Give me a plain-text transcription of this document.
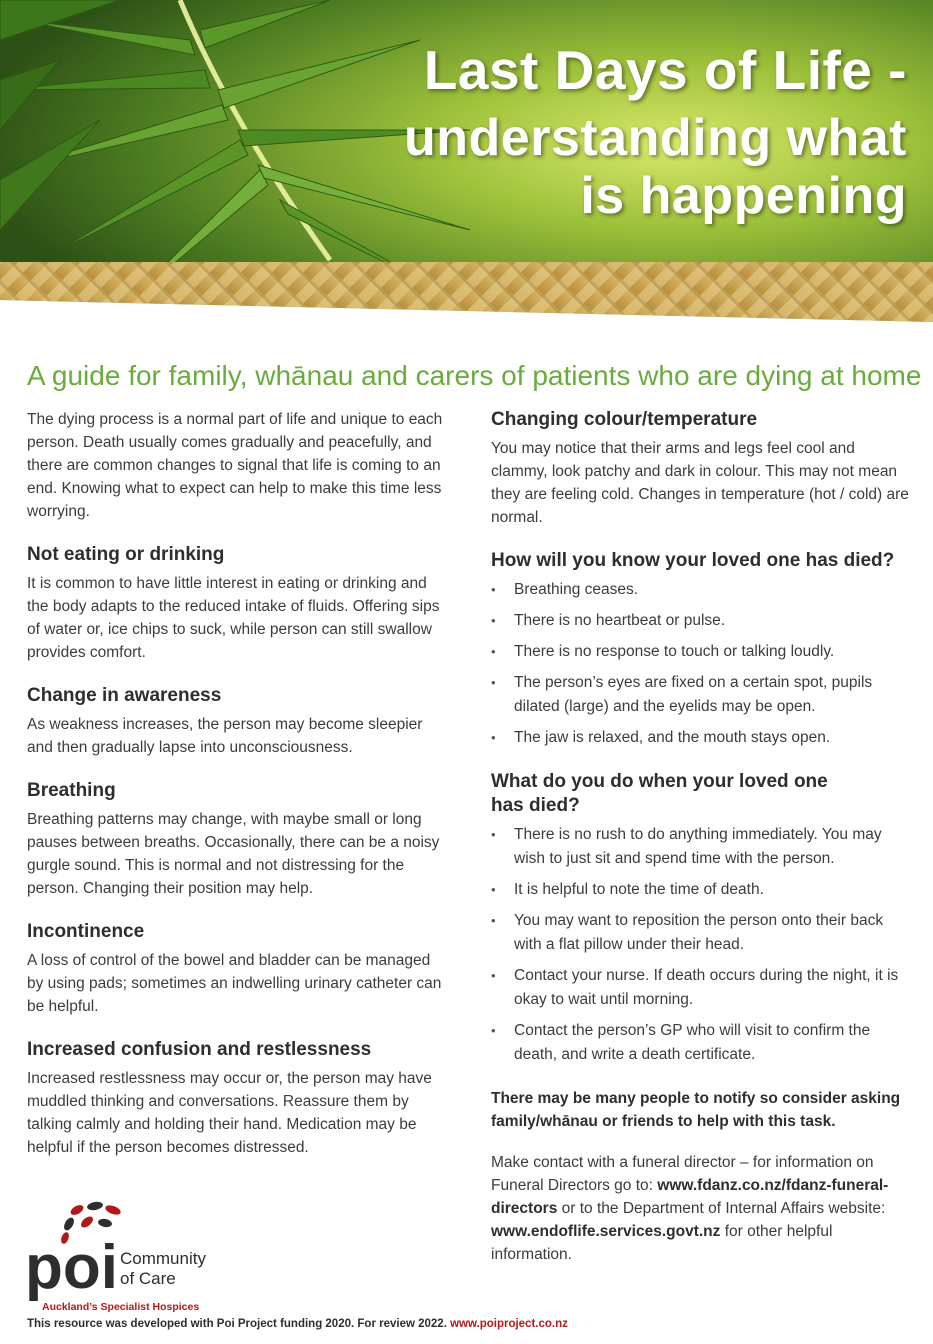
Last Days of Life -
understanding what
is happening
A guide for family, whānau and carers of patients who are dying at home

The dying process is a normal part of life and unique to each person. Death usually comes gradually and peacefully, and there are common changes to signal that life is coming to an end. Knowing what to expect can help to make this time less worrying.

Not eating or drinking

It is common to have little interest in eating or drinking and the body adapts to the reduced intake of fluids. Offering sips of water or, ice chips to suck, while person can still swallow provides comfort.

Change in awareness

As weakness increases, the person may become sleepier and then gradually lapse into unconsciousness.

Breathing

Breathing patterns may change, with maybe small or long pauses between breaths. Occasionally, there can be a noisy gurgle sound. This is normal and not distressing for the person. Changing their position may help.

Incontinence

A loss of control of the bowel and bladder can be managed by using pads; sometimes an indwelling urinary catheter can be helpful.

Increased confusion and restlessness

Increased restlessness may occur or, the person may have muddled thinking and conversations. Reassure them by talking calmly and holding their hand. Medication may be helpful if the person becomes distressed.

Changing colour/temperature

You may notice that their arms and legs feel cool and clammy, look patchy and dark in colour. This may not mean they are feeling cold. Changes in temperature (hot / cold) are normal.

How will you know your loved one has died?
• Breathing ceases.
• There is no heartbeat or pulse.
• There is no response to touch or talking loudly.
• The person’s eyes are fixed on a certain spot, pupils dilated (large) and the eyelids may be open.
• The jaw is relaxed, and the mouth stays open.
What do you do when your loved one has died?
• There is no rush to do anything immediately. You may wish to just sit and spend time with the person.
• It is helpful to note the time of death.
• You may want to reposition the person onto their back with a flat pillow under their head.
• Contact your nurse. If death occurs during the night, it is okay to wait until morning.
• Contact the person’s GP who will visit to confirm the death, and write a death certificate.

There may be many people to notify so consider asking family/whānau or friends to help with this task.

Make contact with a funeral director – for information on Funeral Directors go to: www.fdanz.co.nz/fdanz-funeral-directors or to the Department of Internal Affairs website: www.endoflife.services.govt.nz for other helpful information.

poi Community
of Care
Auckland’s Specialist Hospices
This resource was developed with Poi Project funding 2020. For review 2022. www.poiproject.co.nz
